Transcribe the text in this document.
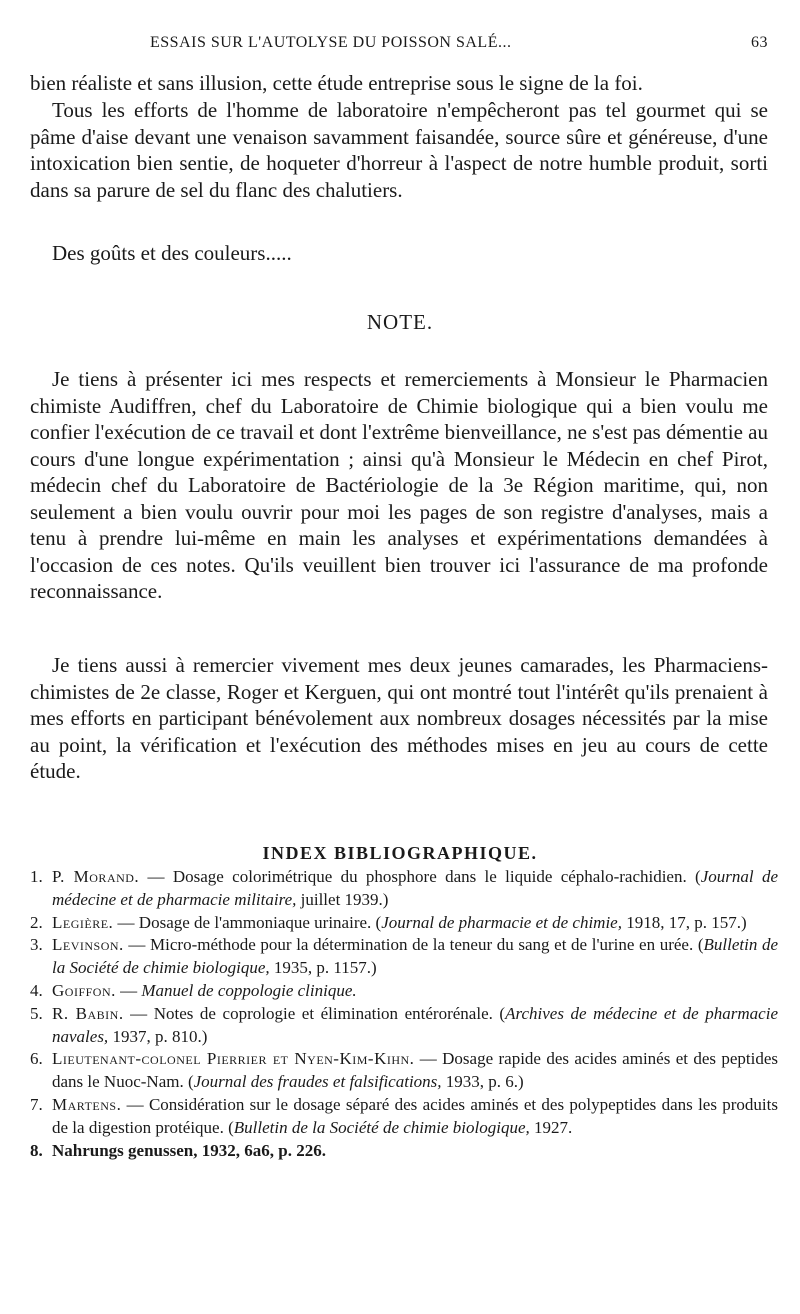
ESSAIS SUR L'AUTOLYSE DU POISSON SALÉ...	63

bien réaliste et sans illusion, cette étude entreprise sous le signe de la foi.

Tous les efforts de l'homme de laboratoire n'empêcheront pas tel gourmet qui se pâme d'aise devant une venaison savamment faisandée, source sûre et généreuse, d'une intoxication bien sentie, de hoqueter d'horreur à l'aspect de notre humble produit, sorti dans sa parure de sel du flanc des chalutiers.

Des goûts et des couleurs.....

NOTE.

Je tiens à présenter ici mes respects et remerciements à Monsieur le Pharmacien chimiste Audiffren, chef du Laboratoire de Chimie biologique qui a bien voulu me confier l'exécution de ce travail et dont l'extrême bienveillance, ne s'est pas démentie au cours d'une longue expérimentation ; ainsi qu'à Monsieur le Médecin en chef Pirot, médecin chef du Laboratoire de Bactériologie de la 3e Région maritime, qui, non seulement a bien voulu ouvrir pour moi les pages de son registre d'analyses, mais a tenu à prendre lui-même en main les analyses et expérimentations demandées à l'occasion de ces notes. Qu'ils veuillent bien trouver ici l'assurance de ma profonde reconnaissance.

Je tiens aussi à remercier vivement mes deux jeunes camarades, les Pharmaciens-chimistes de 2e classe, Roger et Kerguen, qui ont montré tout l'intérêt qu'ils prenaient à mes efforts en participant bénévolement aux nombreux dosages nécessités par la mise au point, la vérification et l'exécution des méthodes mises en jeu au cours de cette étude.

INDEX BIBLIOGRAPHIQUE.
1. P. Morand. — Dosage colorimétrique du phosphore dans le liquide céphalo-rachidien. (Journal de médecine et de pharmacie militaire, juillet 1939.)
2. Legière. — Dosage de l'ammoniaque urinaire. (Journal de pharmacie et de chimie, 1918, 17, p. 157.)
3. Levinson. — Micro-méthode pour la détermination de la teneur du sang et de l'urine en urée. (Bulletin de la Société de chimie biologique, 1935, p. 1157.)
4. Goiffon. — Manuel de coppologie clinique.
5. R. Babin. — Notes de coprologie et élimination entérorénale. (Archives de médecine et de pharmacie navales, 1937, p. 810.)
6. Lieutenant-colonel Pierrier et Nyen-Kim-Kihn. — Dosage rapide des acides aminés et des peptides dans le Nuoc-Nam. (Journal des fraudes et falsifications, 1933, p. 6.)
7. Martens. — Considération sur le dosage séparé des acides aminés et des polypeptides dans les produits de la digestion protéique. (Bulletin de la Société de chimie biologique, 1927.
8. Nahrungs genussen, 1932, 6a6, p. 226.
